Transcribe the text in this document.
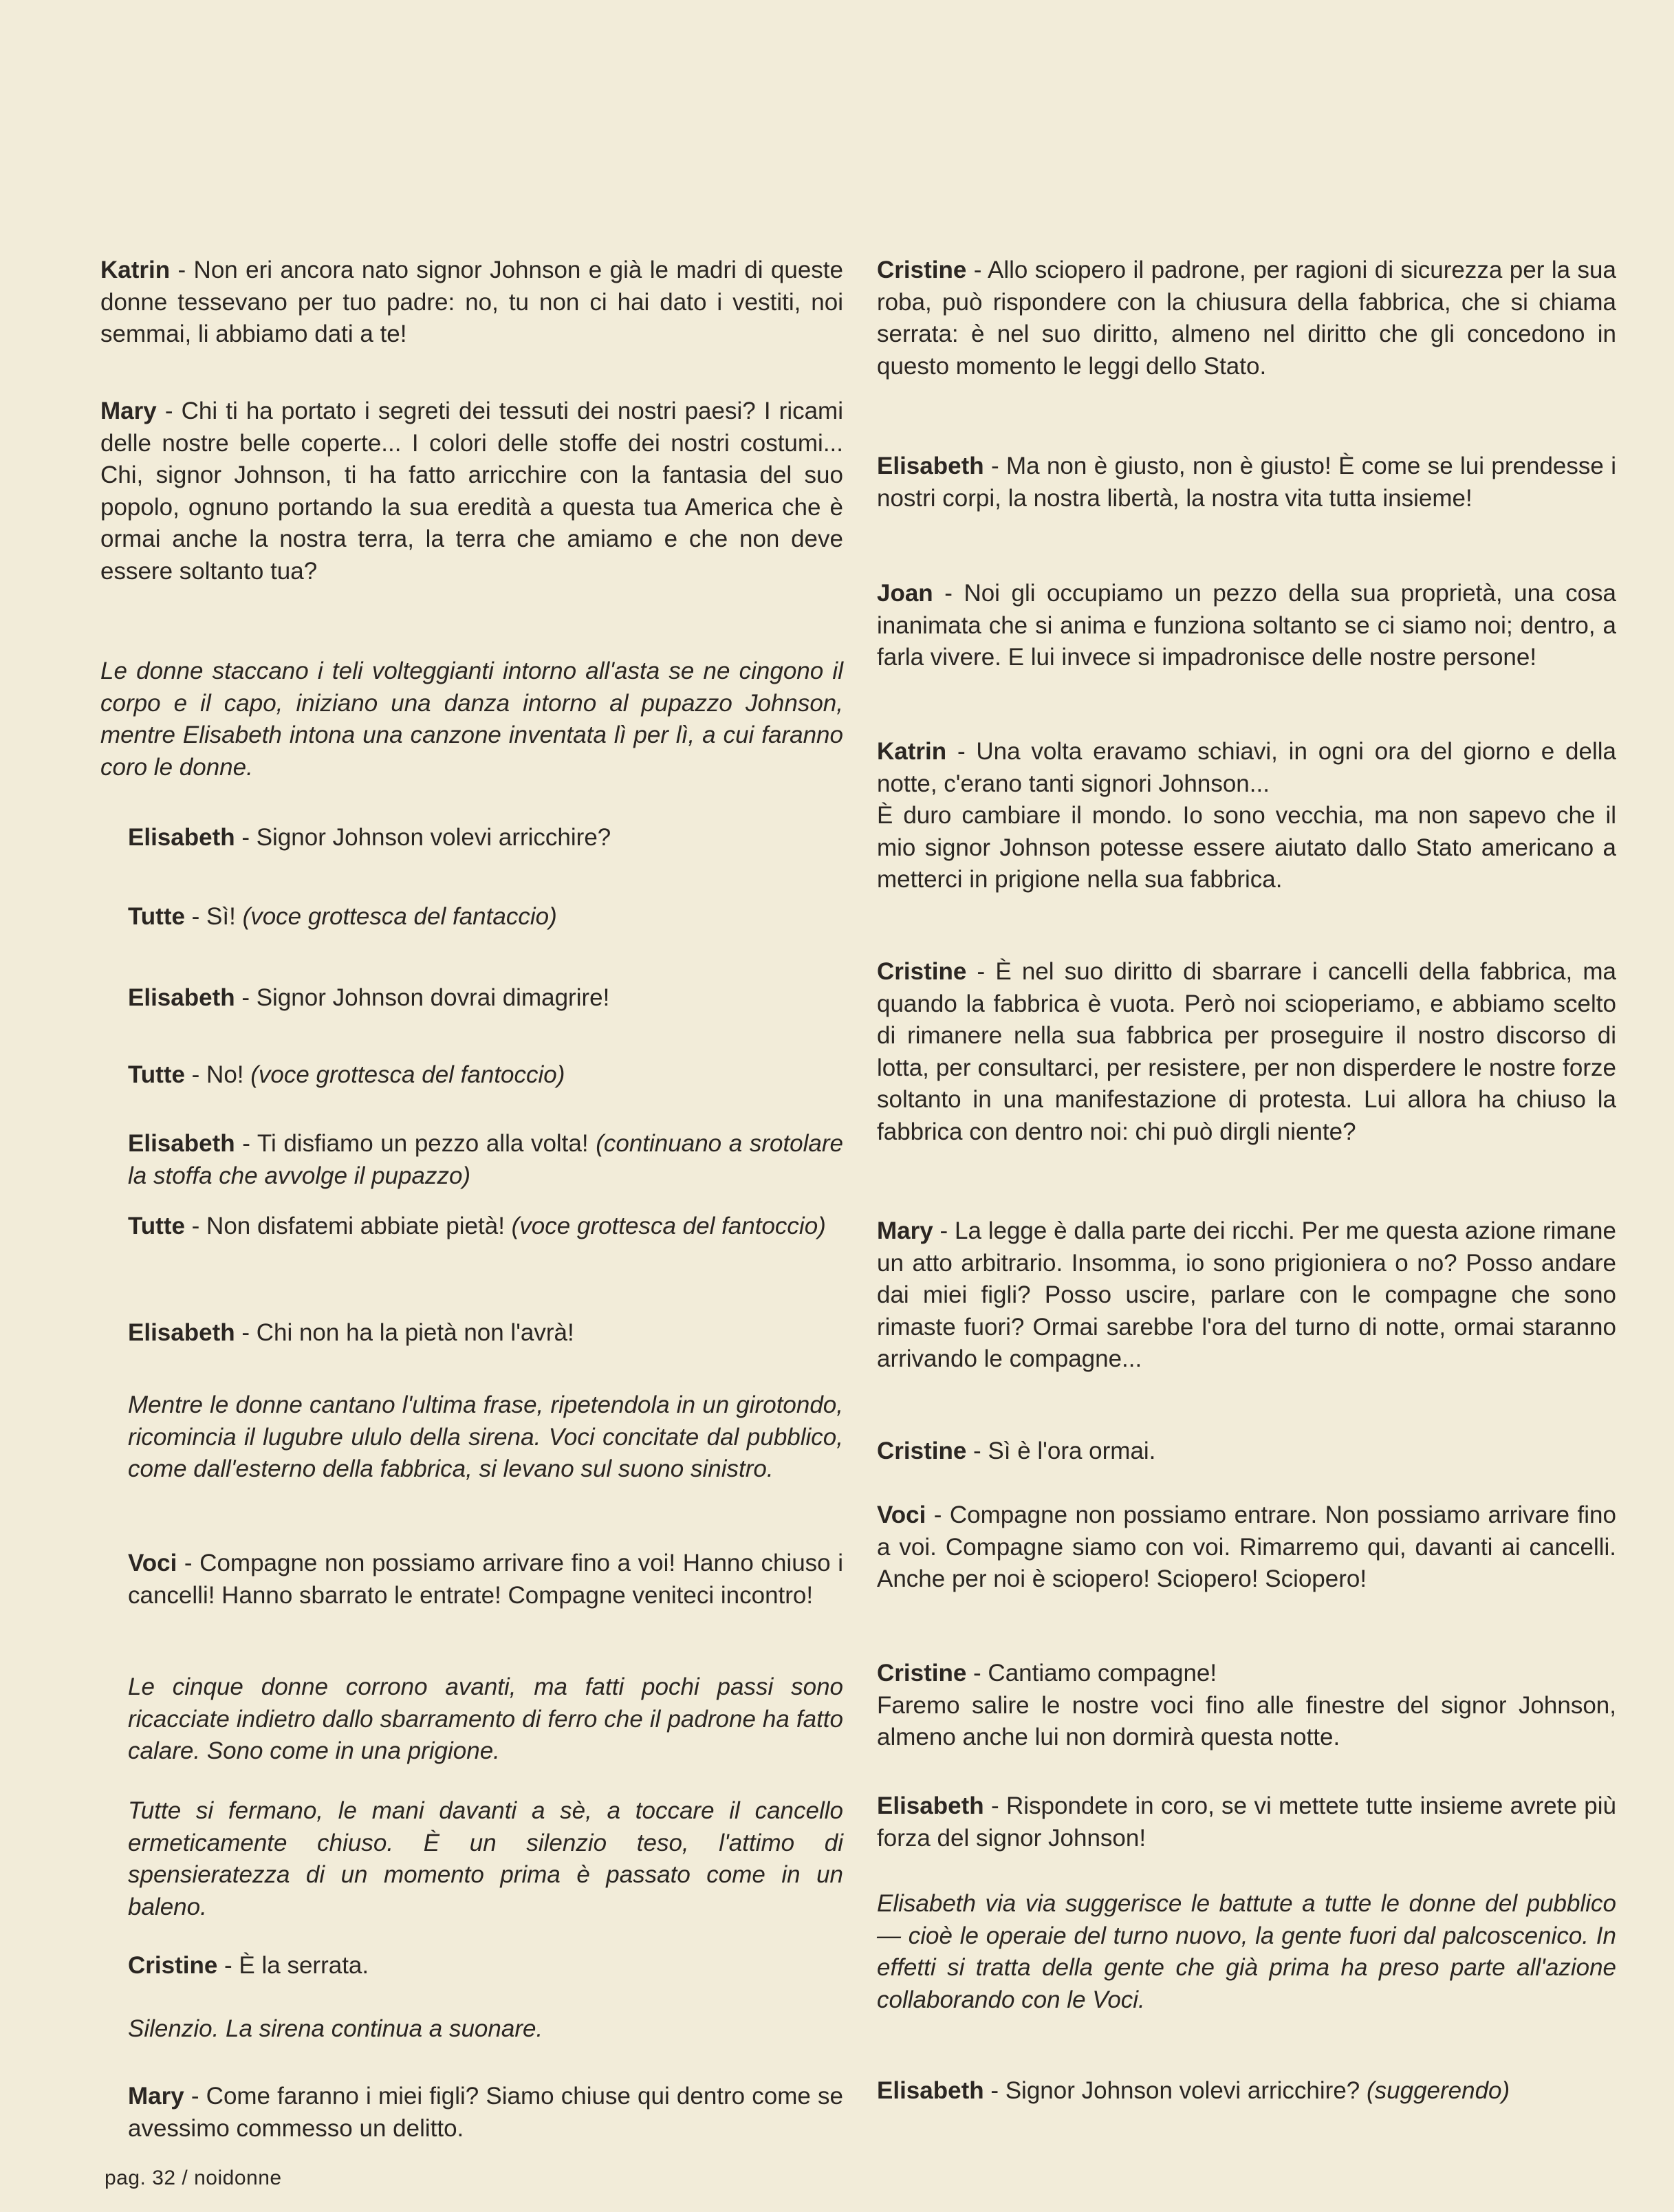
Katrin - Non eri ancora nato signor Johnson e già le madri di queste donne tessevano per tuo padre: no, tu non ci hai dato i vestiti, noi semmai, li abbiamo dati a te!

Mary - Chi ti ha portato i segreti dei tessuti dei nostri paesi? I ricami delle nostre belle coperte... I colori delle stoffe dei nostri costumi... Chi, signor Johnson, ti ha fatto arricchire con la fantasia del suo popolo, ognuno portando la sua eredità a questa tua America che è ormai anche la nostra terra, la terra che amiamo e che non deve essere soltanto tua?

Le donne staccano i teli volteggianti intorno all'asta se ne cingono il corpo e il capo, iniziano una danza intorno al pupazzo Johnson, mentre Elisabeth intona una canzone inventata lì per lì, a cui faranno coro le donne.

Elisabeth - Signor Johnson volevi arricchire?

Tutte - Sì! (voce grottesca del fantaccio)

Elisabeth - Signor Johnson dovrai dimagrire!

Tutte - No! (voce grottesca del fantoccio)

Elisabeth - Ti disfiamo un pezzo alla volta! (continuano a srotolare la stoffa che avvolge il pupazzo)

Tutte - Non disfatemi abbiate pietà! (voce grottesca del fantoccio)

Elisabeth - Chi non ha la pietà non l'avrà!

Mentre le donne cantano l'ultima frase, ripetendola in un girotondo, ricomincia il lugubre ululo della sirena. Voci concitate dal pubblico, come dall'esterno della fabbrica, si levano sul suono sinistro.

Voci - Compagne non possiamo arrivare fino a voi! Hanno chiuso i cancelli! Hanno sbarrato le entrate! Compagne veniteci incontro!

Le cinque donne corrono avanti, ma fatti pochi passi sono ricacciate indietro dallo sbarramento di ferro che il padrone ha fatto calare. Sono come in una prigione.

Tutte si fermano, le mani davanti a sè, a toccare il cancello ermeticamente chiuso. È un silenzio teso, l'attimo di spensieratezza di un momento prima è passato come in un baleno.

Cristine - È la serrata.

Silenzio. La sirena continua a suonare.

Mary - Come faranno i miei figli? Siamo chiuse qui dentro come se avessimo commesso un delitto.

Cristine - Allo sciopero il padrone, per ragioni di sicurezza per la sua roba, può rispondere con la chiusura della fabbrica, che si chiama serrata: è nel suo diritto, almeno nel diritto che gli concedono in questo momento le leggi dello Stato.

Elisabeth - Ma non è giusto, non è giusto! È come se lui prendesse i nostri corpi, la nostra libertà, la nostra vita tutta insieme!

Joan - Noi gli occupiamo un pezzo della sua proprietà, una cosa inanimata che si anima e funziona soltanto se ci siamo noi; dentro, a farla vivere. E lui invece si impadronisce delle nostre persone!

Katrin - Una volta eravamo schiavi, in ogni ora del giorno e della notte, c'erano tanti signori Johnson...
È duro cambiare il mondo. Io sono vecchia, ma non sapevo che il mio signor Johnson potesse essere aiutato dallo Stato americano a metterci in prigione nella sua fabbrica.

Cristine - È nel suo diritto di sbarrare i cancelli della fabbrica, ma quando la fabbrica è vuota. Però noi scioperiamo, e abbiamo scelto di rimanere nella sua fabbrica per proseguire il nostro discorso di lotta, per consultarci, per resistere, per non disperdere le nostre forze soltanto in una manifestazione di protesta. Lui allora ha chiuso la fabbrica con dentro noi: chi può dirgli niente?

Mary - La legge è dalla parte dei ricchi. Per me questa azione rimane un atto arbitrario. Insomma, io sono prigioniera o no? Posso andare dai miei figli? Posso uscire, parlare con le compagne che sono rimaste fuori? Ormai sarebbe l'ora del turno di notte, ormai staranno arrivando le compagne...

Cristine - Sì è l'ora ormai.

Voci - Compagne non possiamo entrare. Non possiamo arrivare fino a voi. Compagne siamo con voi. Rimarremo qui, davanti ai cancelli. Anche per noi è sciopero! Sciopero! Sciopero!

Cristine - Cantiamo compagne!
Faremo salire le nostre voci fino alle finestre del signor Johnson, almeno anche lui non dormirà questa notte.

Elisabeth - Rispondete in coro, se vi mettete tutte insieme avrete più forza del signor Johnson!

Elisabeth via via suggerisce le battute a tutte le donne del pubblico — cioè le operaie del turno nuovo, la gente fuori dal palcoscenico. In effetti si tratta della gente che già prima ha preso parte all'azione collaborando con le Voci.

Elisabeth - Signor Johnson volevi arricchire? (suggerendo)

pag. 32 / noidonne
